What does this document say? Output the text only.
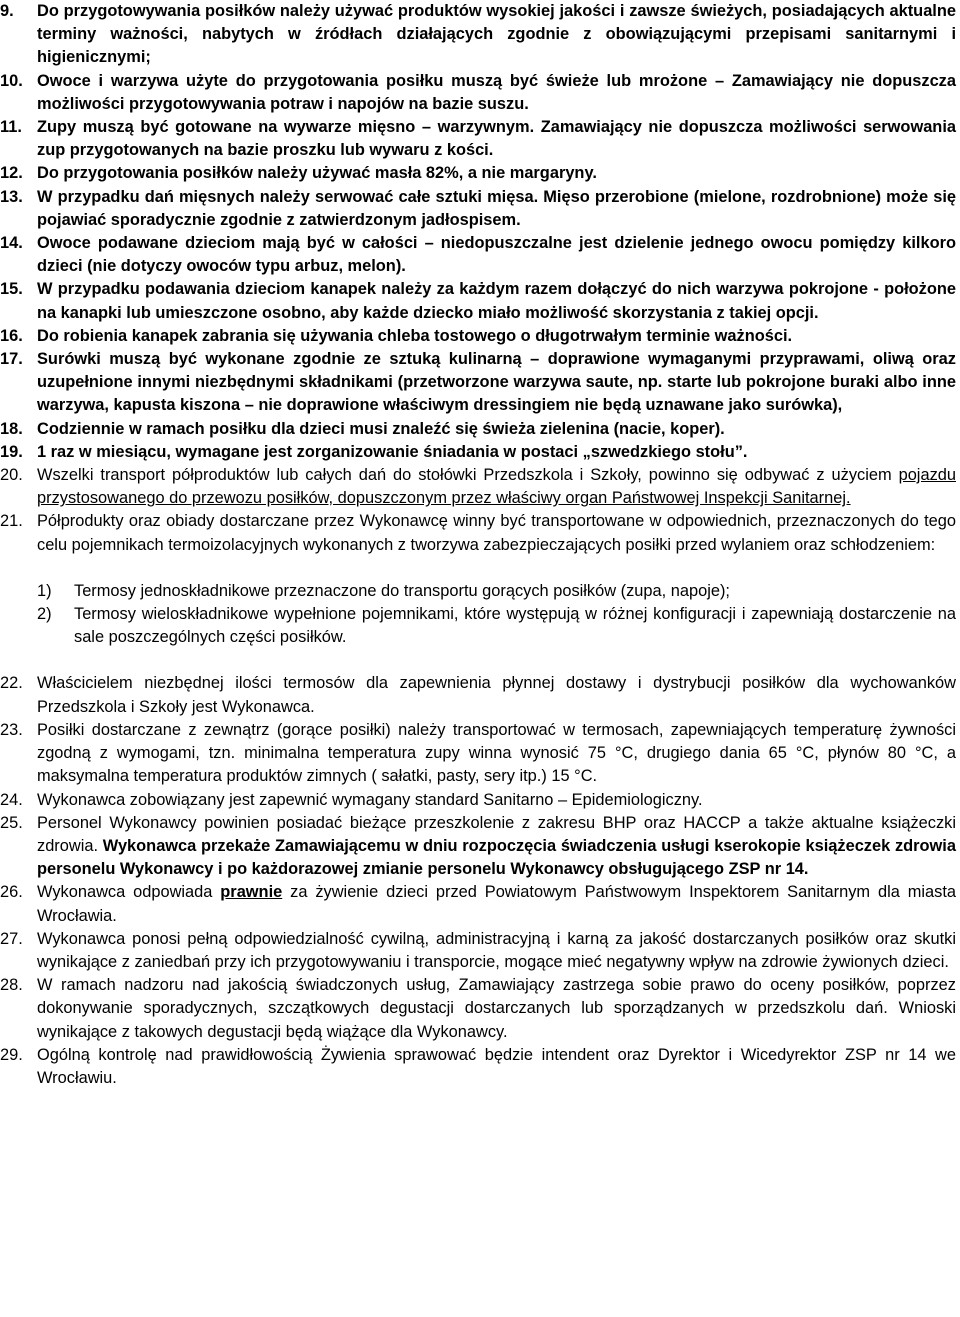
9. Do przygotowywania posiłków należy używać produktów wysokiej jakości i zawsze świeżych, posiadających aktualne terminy ważności, nabytych w źródłach działających zgodnie z obowiązującymi przepisami sanitarnymi i higienicznymi;

10. Owoce i warzywa użyte do przygotowania posiłku muszą być świeże lub mrożone – Zamawiający nie dopuszcza możliwości przygotowywania potraw i napojów na bazie suszu.

11. Zupy muszą być gotowane na wywarze mięsno – warzywnym. Zamawiający nie dopuszcza możliwości serwowania zup przygotowanych na bazie proszku lub wywaru z kości.

12. Do przygotowania posiłków należy używać masła 82%, a nie margaryny.

13. W przypadku dań mięsnych należy serwować całe sztuki mięsa. Mięso przerobione (mielone, rozdrobnione) może się pojawiać sporadycznie zgodnie z zatwierdzonym jadłospisem.

14. Owoce podawane dzieciom mają być w całości – niedopuszczalne jest dzielenie jednego owocu pomiędzy kilkoro dzieci (nie dotyczy owoców typu arbuz, melon).

15. W przypadku podawania dzieciom kanapek należy za każdym razem dołączyć do nich warzywa pokrojone - położone na kanapki lub umieszczone osobno, aby każde dziecko miało możliwość skorzystania z takiej opcji.

16. Do robienia kanapek zabrania się używania chleba tostowego o długotrwałym terminie ważności.

17. Surówki muszą być wykonane zgodnie ze sztuką kulinarną – doprawione wymaganymi przyprawami, oliwą oraz uzupełnione innymi niezbędnymi składnikami (przetworzone warzywa saute, np. starte lub pokrojone buraki albo inne warzywa, kapusta kiszona – nie doprawione właściwym dressingiem nie będą uznawane jako surówka),

18. Codziennie w ramach posiłku dla dzieci musi znaleźć się świeża zielenina (nacie, koper).

19. 1 raz w miesiącu, wymagane jest zorganizowanie śniadania w postaci „szwedzkiego stołu”.

20. Wszelki transport półproduktów lub całych dań do stołówki Przedszkola i Szkoły, powinno się odbywać z użyciem pojazdu przystosowanego do przewozu posiłków, dopuszczonym przez właściwy organ Państwowej Inspekcji Sanitarnej.

21. Półprodukty oraz obiady dostarczane przez Wykonawcę winny być transportowane w odpowiednich, przeznaczonych do tego celu pojemnikach termoizolacyjnych wykonanych z tworzywa zabezpieczających posiłki przed wylaniem oraz schłodzeniem:

1) Termosy jednoskładnikowe przeznaczone do transportu gorących posiłków (zupa, napoje);
2) Termosy wieloskładnikowe wypełnione pojemnikami, które występują w różnej konfiguracji i zapewniają dostarczenie na sale poszczególnych części posiłków.
22. Właścicielem niezbędnej ilości termosów dla zapewnienia płynnej dostawy i dystrybucji posiłków dla wychowanków Przedszkola i Szkoły jest Wykonawca.

23. Posiłki dostarczane z zewnątrz (gorące posiłki) należy transportować w termosach, zapewniających temperaturę żywności zgodną z wymogami, tzn. minimalna temperatura zupy winna wynosić 75 °C, drugiego dania 65 °C, płynów 80 °C, a maksymalna temperatura produktów zimnych ( sałatki, pasty, sery itp.) 15 °C.

24. Wykonawca zobowiązany jest zapewnić wymagany standard Sanitarno – Epidemiologiczny.

25. Personel Wykonawcy powinien posiadać bieżące przeszkolenie z zakresu BHP oraz HACCP a także aktualne książeczki zdrowia. Wykonawca przekaże Zamawiającemu w dniu rozpoczęcia świadczenia usługi kserokopie książeczek zdrowia personelu Wykonawcy i po każdorazowej zmianie personelu Wykonawcy obsługującego ZSP nr 14.

26. Wykonawca odpowiada prawnie za żywienie dzieci przed Powiatowym Państwowym Inspektorem Sanitarnym dla miasta Wrocławia.

27. Wykonawca ponosi pełną odpowiedzialność cywilną, administracyjną i karną za jakość dostarczanych posiłków oraz skutki wynikające z zaniedbań przy ich przygotowywaniu i transporcie, mogące mieć negatywny wpływ na zdrowie żywionych dzieci.

28. W ramach nadzoru nad jakością świadczonych usług, Zamawiający zastrzega sobie prawo do oceny posiłków, poprzez dokonywanie sporadycznych, szczątkowych degustacji dostarczanych lub sporządzanych w przedszkolu dań. Wnioski wynikające z takowych degustacji będą wiążące dla Wykonawcy.

29. Ogólną kontrolę nad prawidłowością Żywienia sprawować będzie intendent oraz Dyrektor i Wicedyrektor ZSP nr 14 we Wrocławiu.
